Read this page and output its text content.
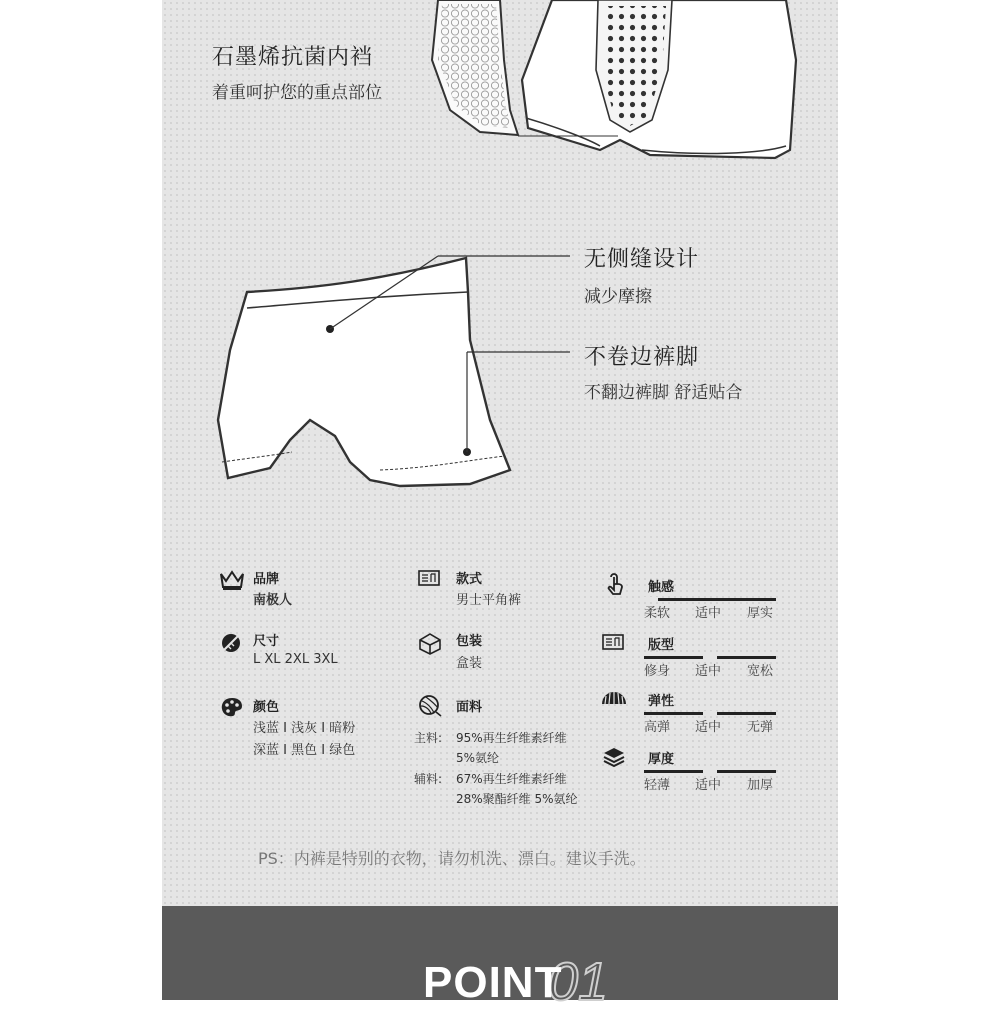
石墨烯抗菌内裆
着重呵护您的重点部位
无侧缝设计
减少摩擦
不卷边裤脚
不翻边裤脚 舒适贴合
品牌
南极人
尺寸
L XL 2XL 3XL
颜色
浅蓝 I 浅灰 I 暗粉
深蓝 I 黑色 I 绿色
款式
男士平角裤
包装
盒装
面料
主料: 95%再生纤维素纤维
5%氨纶
辅料: 67%再生纤维素纤维
28%聚酯纤维 5%氨纶
触感
柔软 适中 厚实
版型
修身 适中 宽松
弹性
高弹 适中 无弹
厚度
轻薄 适中 加厚
PS：内裤是特别的衣物，请勿机洗、漂白。建议手洗。
01
POINT
